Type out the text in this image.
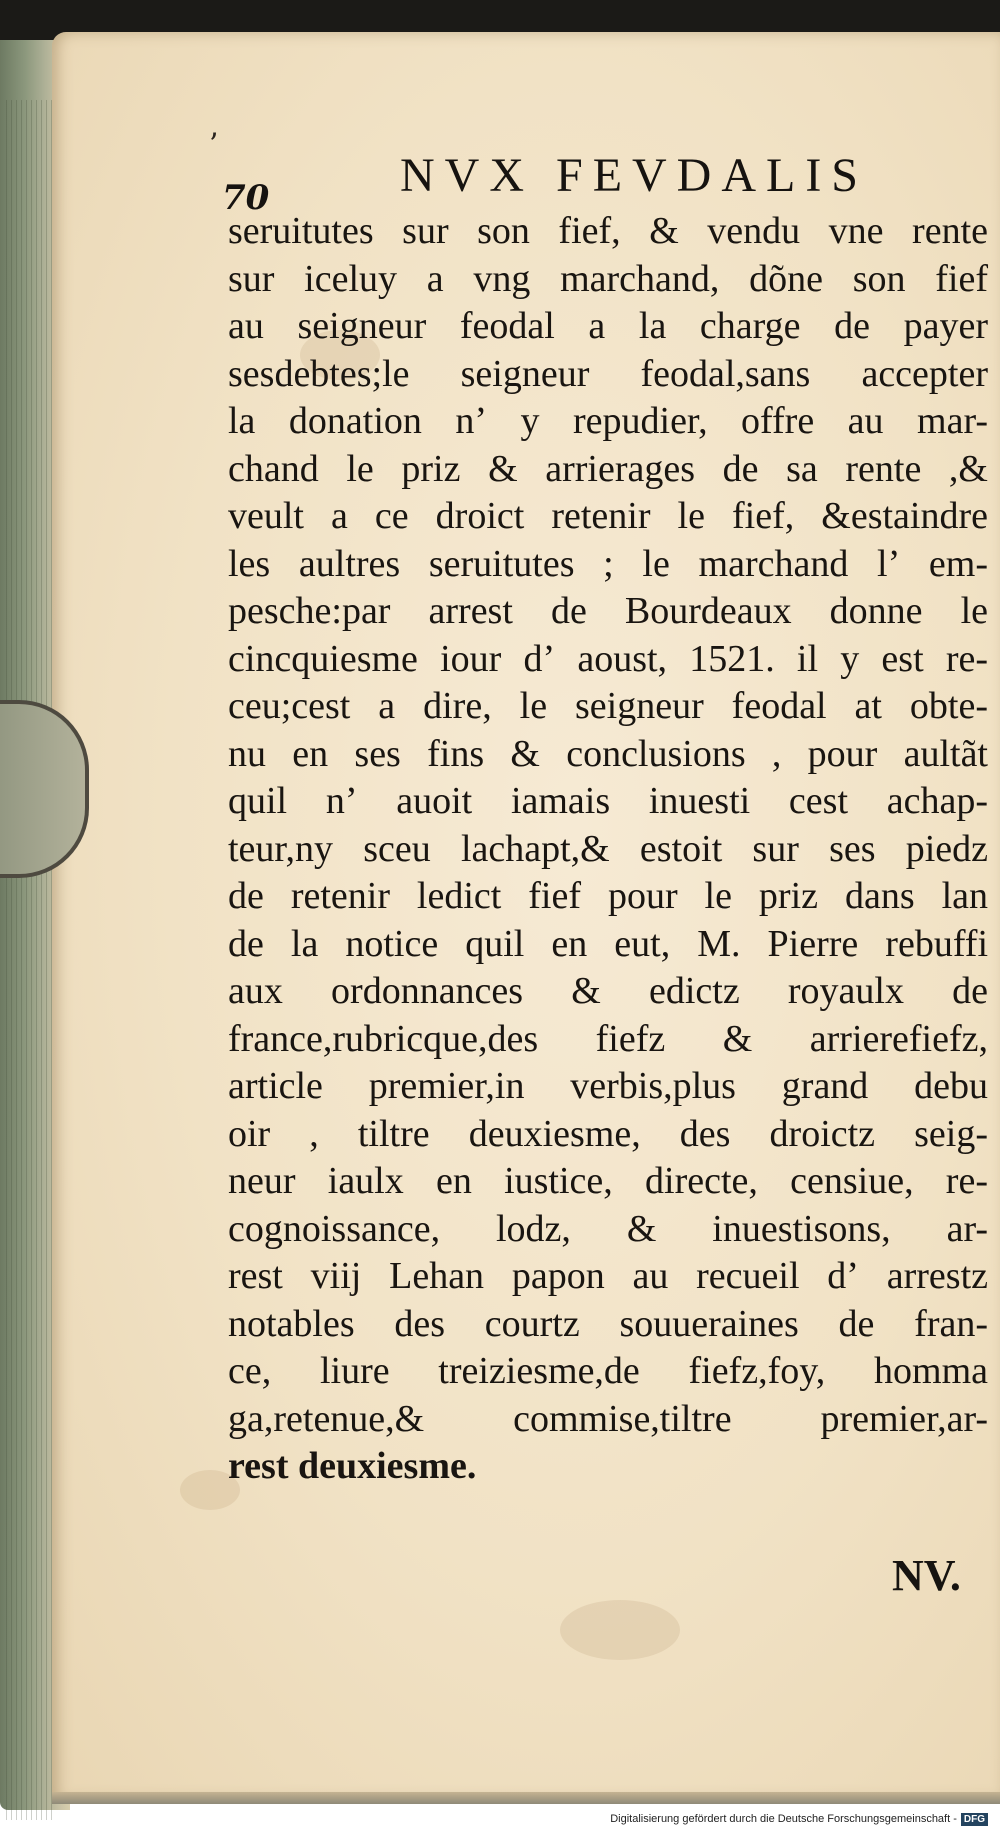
ʼ
70	NVX FEVDALIS
seruitutes sur son fief, & vendu vne rente
sur iceluy a vng marchand, dõne son fief
au seigneur feodal a la charge de payer
sesdebtes;le seigneur feodal,sans accepter
la donation nʼ y repudier, offre au mar-
chand le priz & arrierages de sa rente ,&
veult a ce droict retenir le fief, &estaindre
les aultres seruitutes ; le marchand lʼ em-
pesche:par arrest de Bourdeaux donne le
cincquiesme iour dʼ aoust, 1521. il y est re-
ceu;cest a dire, le seigneur feodal at obte-
nu en ses fins & conclusions , pour aultãt
quil nʼ auoit iamais inuesti cest achap-
teur,ny sceu lachapt,& estoit sur ses piedz
de retenir ledict fief pour le priz dans lan
de la notice quil en eut, M. Pierre rebuffi
aux ordonnances & edictz royaulx de
france,rubricque,des fiefz & arrierefiefz,
article premier,in verbis,plus grand debu
oir , tiltre deuxiesme, des droictz seig-
neur iaulx en iustice, directe, censiue, re-
cognoissance, lodz, & inuestisons, ar-
rest viij Lehan papon au recueil dʼ arrestz
notables des courtz souueraines de fran-
ce, liure treiziesme,de fiefz,foy, homma
ga,retenue,& commise,tiltre premier,ar-
rest deuxiesme.
NV.
Digitalisierung gefördert durch die Deutsche Forschungsgemeinschaft - DFG
